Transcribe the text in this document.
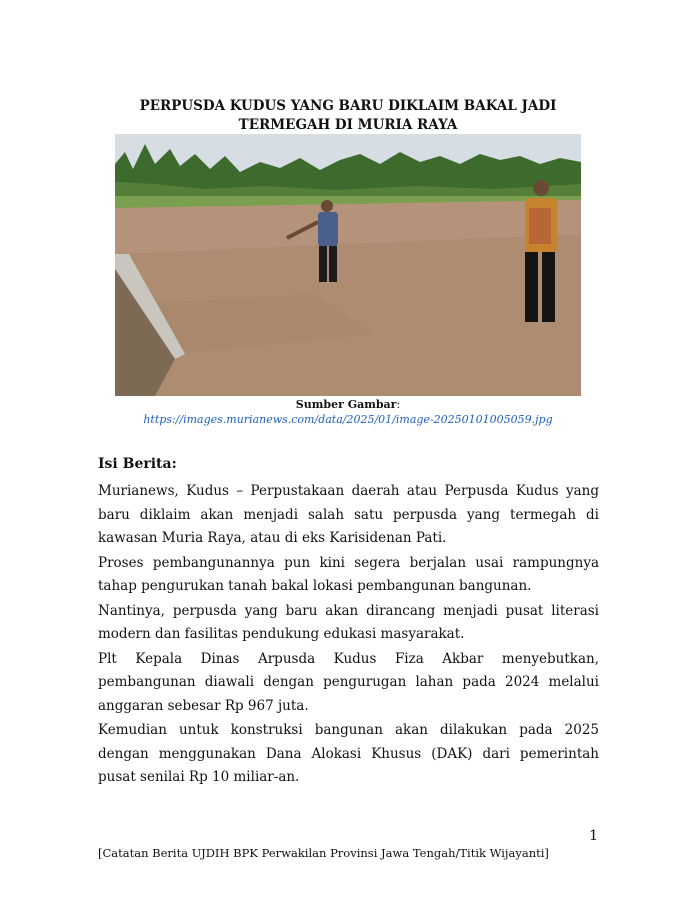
PERPUSDA KUDUS YANG BARU DIKLAIM BAKAL JADI TERMEGAH DI MURIA RAYA
Sumber Gambar:
https://images.murianews.com/data/2025/01/image-20250101005059.jpg
Isi Berita:

Murianews, Kudus – Perpustakaan daerah atau Perpusda Kudus yang baru diklaim akan menjadi salah satu perpusda yang termegah di kawasan Muria Raya, atau di eks Karisidenan Pati.

Proses pembangunannya pun kini segera berjalan usai rampungnya tahap pengurukan tanah bakal lokasi pembangunan bangunan.

Nantinya, perpusda yang baru akan dirancang menjadi pusat literasi modern dan fasilitas pendukung edukasi masyarakat.

Plt Kepala Dinas Arpusda Kudus Fiza Akbar menyebutkan, pembangunan diawali dengan pengurugan lahan pada 2024 melalui anggaran sebesar Rp 967 juta.

Kemudian untuk konstruksi bangunan akan dilakukan pada 2025 dengan menggunakan Dana Alokasi Khusus (DAK) dari pemerintah pusat senilai Rp 10 miliar-an.

1
[Catatan Berita UJDIH BPK Perwakilan Provinsi Jawa Tengah/Titik Wijayanti]
